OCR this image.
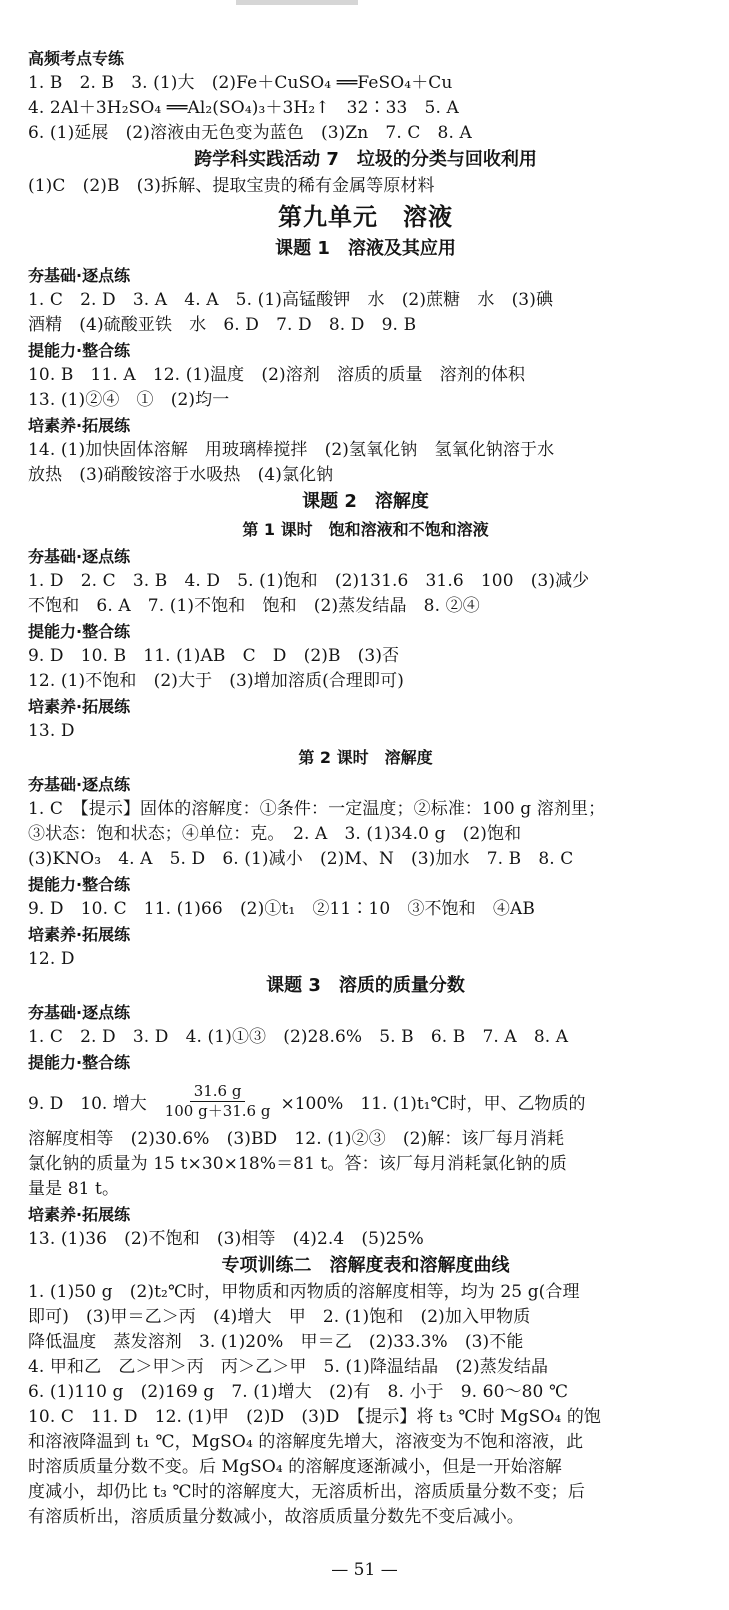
高频考点专练
1. B　2. B　3. (1)大　(2)Fe＋CuSO₄ ══FeSO₄＋Cu
4. 2Al＋3H₂SO₄ ══Al₂(SO₄)₃＋3H₂↑　32∶33　5. A
6. (1)延展　(2)溶液由无色变为蓝色　(3)Zn　7. C　8. A
跨学科实践活动 7　垃圾的分类与回收利用
(1)C　(2)B　(3)拆解、提取宝贵的稀有金属等原材料
第九单元　溶液
课题 1　溶液及其应用
夯基础·逐点练
1. C　2. D　3. A　4. A　5. (1)高锰酸钾　水　(2)蔗糖　水　(3)碘
酒精　(4)硫酸亚铁　水　6. D　7. D　8. D　9. B
提能力·整合练
10. B　11. A　12. (1)温度　(2)溶剂　溶质的质量　溶剂的体积
13. (1)②④　①　(2)均一
培素养·拓展练
14. (1)加快固体溶解　用玻璃棒搅拌　(2)氢氧化钠　氢氧化钠溶于水
放热　(3)硝酸铵溶于水吸热　(4)氯化钠
课题 2　溶解度
第 1 课时　饱和溶液和不饱和溶液
夯基础·逐点练
1. D　2. C　3. B　4. D　5. (1)饱和　(2)131.6　31.6　100　(3)减少
不饱和　6. A　7. (1)不饱和　饱和　(2)蒸发结晶　8. ②④
提能力·整合练
9. D　10. B　11. (1)AB　C　D　(2)B　(3)否
12. (1)不饱和　(2)大于　(3)增加溶质(合理即可)
培素养·拓展练
13. D
第 2 课时　溶解度
夯基础·逐点练
1. C　【提示】固体的溶解度：①条件：一定温度；②标准：100 g 溶剂里；
③状态：饱和状态；④单位：克。　2. A　3. (1)34.0 g　(2)饱和
(3)KNO₃　4. A　5. D　6. (1)减小　(2)M、N　(3)加水　7. B　8. C
提能力·整合练
9. D　10. C　11. (1)66　(2)①t₁　②11∶10　③不饱和　④AB
培素养·拓展练
12. D
课题 3　溶质的质量分数
夯基础·逐点练
1. C　2. D　3. D　4. (1)①③　(2)28.6%　5. B　6. B　7. A　8. A
提能力·整合练
9. D　10. 增大 $\frac{31.6 g}{100 g+31.6 g} \times 100\%$　11. (1)t₁℃时，甲、乙物质的
溶解度相等　(2)30.6%　(3)BD　12. (1)②③　(2)解：该厂每月消耗
氯化钠的质量为 15 t×30×18%＝81 t。答：该厂每月消耗氯化钠的质
量是 81 t。
培素养·拓展练
13. (1)36　(2)不饱和　(3)相等　(4)2.4　(5)25%
专项训练二　溶解度表和溶解度曲线
1. (1)50 g　(2)t₂℃时，甲物质和丙物质的溶解度相等，均为 25 g(合理
即可)　(3)甲＝乙＞丙　(4)增大　甲　2. (1)饱和　(2)加入甲物质
降低温度　蒸发溶剂　3. (1)20%　甲＝乙　(2)33.3%　(3)不能
4. 甲和乙　乙＞甲＞丙　丙＞乙＞甲　5. (1)降温结晶　(2)蒸发结晶
6. (1)110 g　(2)169 g　7. (1)增大　(2)有　8. 小于　9. 60～80 ℃
10. C　11. D　12. (1)甲　(2)D　(3)D　【提示】将 t₃ ℃时 MgSO₄ 的饱
和溶液降温到 t₁ ℃，MgSO₄ 的溶解度先增大，溶液变为不饱和溶液，此
时溶质质量分数不变。后 MgSO₄ 的溶解度逐渐减小，但是一开始溶解
度减小，却仍比 t₃ ℃时的溶解度大，无溶质析出，溶质质量分数不变；后
有溶质析出，溶质质量分数减小，故溶质质量分数先不变后减小。
— 51 —
